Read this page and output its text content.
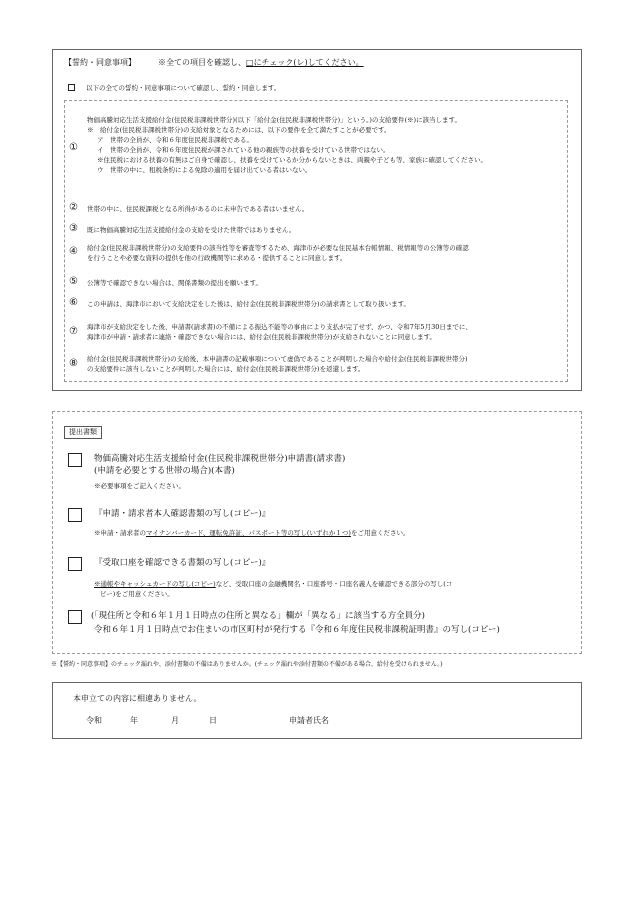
【誓約・同意事項】	※全ての項目を確認し、□にチェック(レ)してください。
以下の全ての誓約・同意事項について確認し、誓約・同意します。
①
物価高騰対応生活支援給付金(住民税非課税世帯分)(以下「給付金(住民税非課税世帯分)」という。)の支給要件(※)に該当します。
※　給付金(住民税非課税世帯分)の支給対象となるためには、以下の要件を全て満たすことが必要です。
ア　世帯の全員が、令和６年度住民税非課税である。
イ　世帯の全員が、令和６年度住民税が課されている他の親族等の扶養を受けている世帯ではない。
※住民税における扶養の有無はご自身で確認し、扶養を受けているか分からないときは、両親や子ども等、家族に確認してください。
ウ　世帯の中に、租税条約による免除の適用を届け出ている者はいない。
② 世帯の中に、住民税課税となる所得があるのに未申告である者はいません。
③ 既に物価高騰対応生活支援給付金の支給を受けた世帯ではありません。
④ 給付金(住民税非課税世帯分)の支給要件の該当性等を審査等するため、海津市が必要な住民基本台帳情報、税情報等の公簿等の確認
を行うことや必要な資料の提供を他の行政機関等に求める・提供することに同意します。
⑤ 公簿等で確認できない場合は、関係書類の提出を願います。
⑥ この申請は、海津市において支給決定をした後は、給付金(住民税非課税世帯分)の請求書として取り扱います。
⑦ 海津市が支給決定をした後、申請書(請求書)の不備による振込不能等の事由により支払が完了せず、かつ、令和7年5月30日までに、
海津市が申請・請求者に連絡・確認できない場合には、給付金(住民税非課税世帯分)が支給されないことに同意します。
⑧ 給付金(住民税非課税世帯分)の支給後、本申請書の記載事項について虚偽であることが判明した場合や給付金(住民税非課税世帯分)
の支給要件に該当しないことが判明した場合には、給付金(住民税非課税世帯分)を返還します。
提出書類
物価高騰対応生活支援給付金(住民税非課税世帯分)申請書(請求書)
(申請を必要とする世帯の場合)(本書)
※必要事項をご記入ください。
『申請・請求者本人確認書類の写し(コピー)』
※申請・請求者のマイナンバーカード、運転免許証、パスポート等の写し(いずれか１つ)をご用意ください。
『受取口座を確認できる書類の写し(コピー)』
※通帳やキャッシュカードの写し(コピー)など、受取口座の金融機関名・口座番号・口座名義人を確認できる部分の写し(コ
ピー)をご用意ください。
(「現住所と令和６年１月１日時点の住所と異なる」欄が「異なる」に該当する方全員分)
令和６年１月１日時点でお住まいの市区町村が発行する『令和６年度住民税非課税証明書』の写し(コピー)
※【誓約・同意事項】のチェック漏れや、添付書類の不備はありませんか。(チェック漏れや添付書類の不備がある場合、給付を受けられません。)
本申立ての内容に相違ありません。
令和	年	月	日	申請者氏名
